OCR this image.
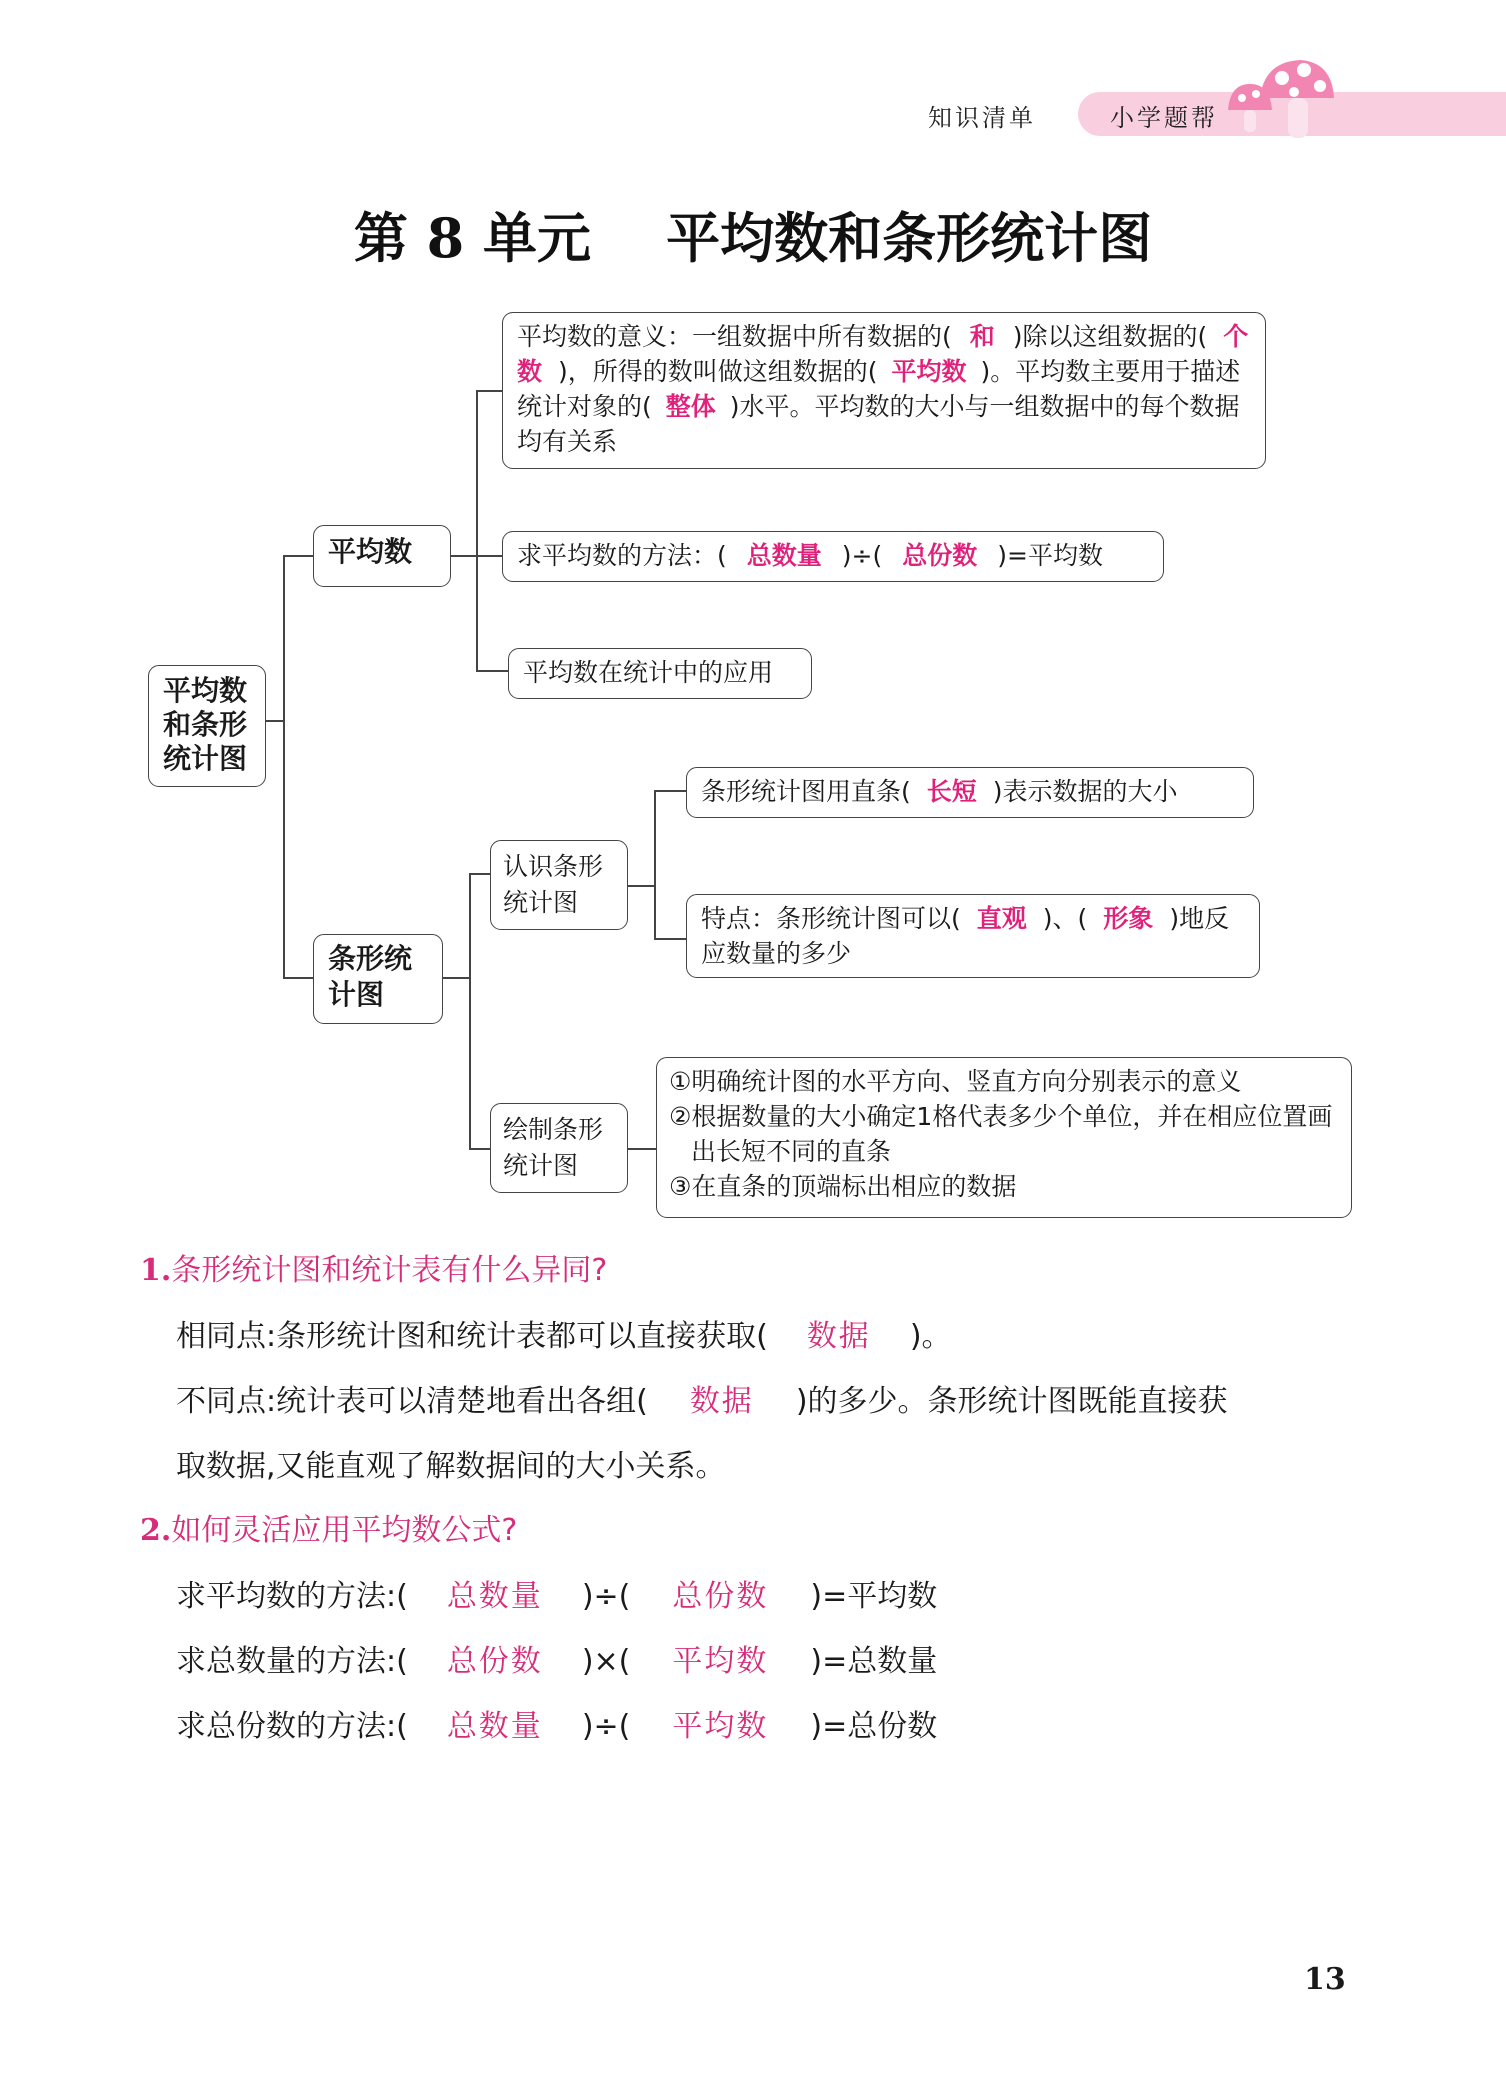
知识清单	小学题帮
第 8 单元    平均数和条形统计图
平均数和条形统计图
平均数
平均数的意义：一组数据中所有数据的( 和 )除以这组数据的( 个数 )，所得的数叫做这组数据的( 平均数 )。平均数主要用于描述统计对象的( 整体 )水平。平均数的大小与一组数据中的每个数据均有关系
求平均数的方法：( 总数量 )÷( 总份数 )=平均数
平均数在统计中的应用
条形统计图
认识条形统计图
条形统计图用直条( 长短 )表示数据的大小
特点：条形统计图可以( 直观 )、( 形象 )地反应数量的多少
绘制条形统计图
①明确统计图的水平方向、竖直方向分别表示的意义
②根据数量的大小确定1格代表多少个单位，并在相应位置画出长短不同的直条
③在直条的顶端标出相应的数据
1.条形统计图和统计表有什么异同?
相同点:条形统计图和统计表都可以直接获取( 数据 )。
不同点:统计表可以清楚地看出各组( 数据 )的多少。条形统计图既能直接获
取数据,又能直观了解数据间的大小关系。
2.如何灵活应用平均数公式?
求平均数的方法:( 总数量 )÷( 总份数 )=平均数
求总数量的方法:( 总份数 )×( 平均数 )=总数量
求总份数的方法:( 总数量 )÷( 平均数 )=总份数
13
